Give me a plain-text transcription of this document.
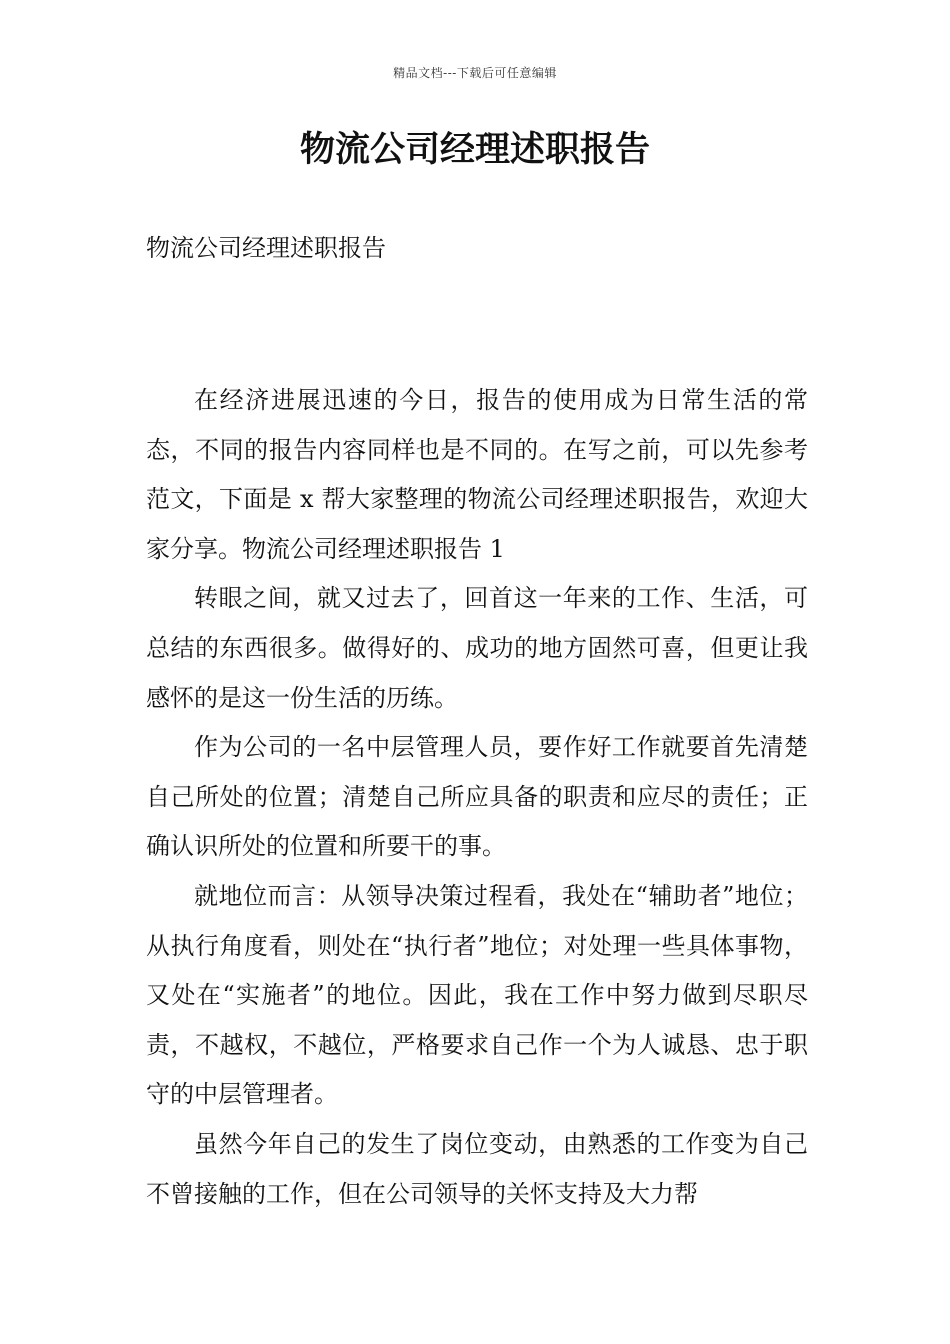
精品文档---下载后可任意编辑
物流公司经理述职报告

物流公司经理述职报告

在经济进展迅速的今日，报告的使用成为日常生活的常态，不同的报告内容同样也是不同的。在写之前，可以先参考范文，下面是 x 帮大家整理的物流公司经理述职报告，欢迎大家分享。物流公司经理述职报告 1

转眼之间，就又过去了，回首这一年来的工作、生活，可总结的东西很多。做得好的、成功的地方固然可喜，但更让我感怀的是这一份生活的历练。

作为公司的一名中层管理人员，要作好工作就要首先清楚自己所处的位置；清楚自己所应具备的职责和应尽的责任；正确认识所处的位置和所要干的事。

就地位而言：从领导决策过程看，我处在“辅助者”地位；从执行角度看，则处在“执行者”地位；对处理一些具体事物，又处在“实施者”的地位。因此，我在工作中努力做到尽职尽责，不越权，不越位，严格要求自己作一个为人诚恳、忠于职守的中层管理者。

虽然今年自己的发生了岗位变动，由熟悉的工作变为自己不曾接触的工作，但在公司领导的关怀支持及大力帮
